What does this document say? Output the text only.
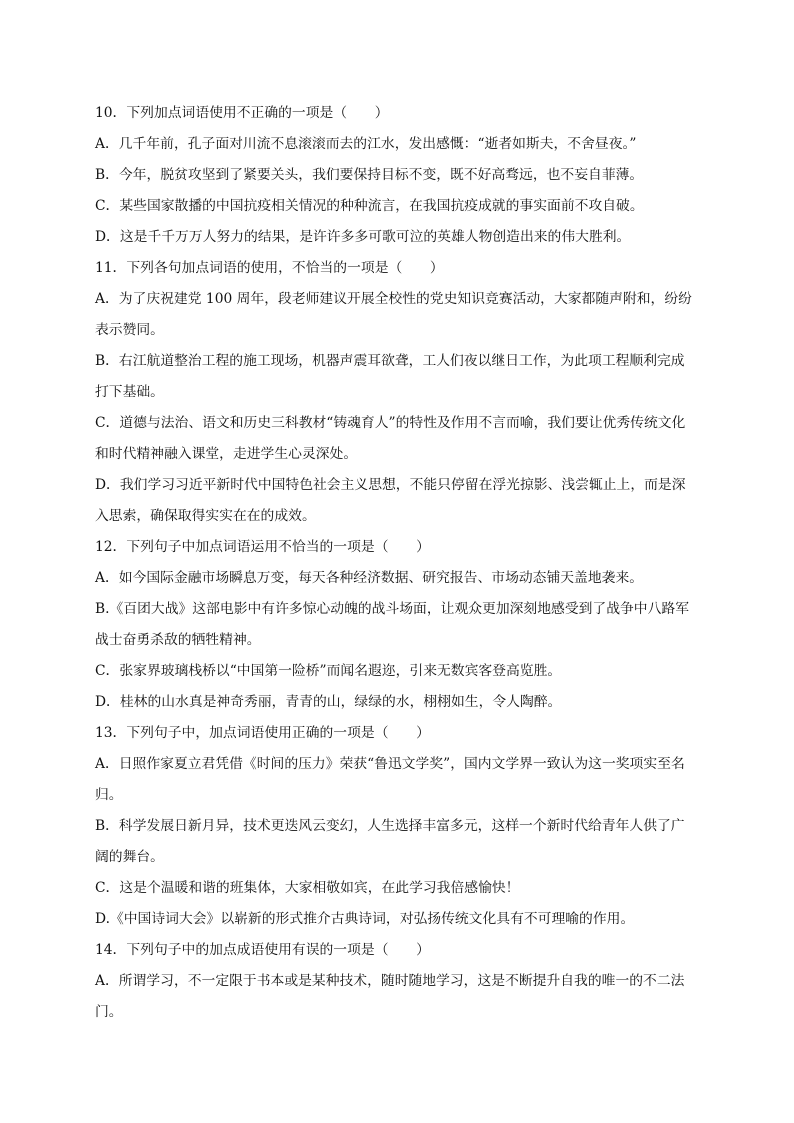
10．下列加点词语使用不正确的一项是（　　）
A．几千年前，孔子面对川流不息滚滚而去的江水，发出感慨：“逝者如斯夫，不舍昼夜。”
B．今年，脱贫攻坚到了紧要关头，我们要保持目标不变，既不好高骛远，也不妄自菲薄。
C．某些国家散播的中国抗疫相关情况的种种流言，在我国抗疫成就的事实面前不攻自破。
D．这是千千万万人努力的结果，是许许多多可歌可泣的英雄人物创造出来的伟大胜利。
11．下列各句加点词语的使用，不恰当的一项是（　　）
A．为了庆祝建党 100 周年，段老师建议开展全校性的党史知识竞赛活动，大家都随声附和，纷纷
表示赞同。
B．右江航道整治工程的施工现场，机器声震耳欲聋，工人们夜以继日工作，为此项工程顺利完成
打下基础。
C．道德与法治、语文和历史三科教材“铸魂育人”的特性及作用不言而喻，我们要让优秀传统文化
和时代精神融入课堂，走进学生心灵深处。
D．我们学习习近平新时代中国特色社会主义思想，不能只停留在浮光掠影、浅尝辄止上，而是深
入思索，确保取得实实在在的成效。
12．下列句子中加点词语运用不恰当的一项是（　　）
A．如今国际金融市场瞬息万变，每天各种经济数据、研究报告、市场动态铺天盖地袭来。
B.《百团大战》这部电影中有许多惊心动魄的战斗场面，让观众更加深刻地感受到了战争中八路军
战士奋勇杀敌的牺牲精神。
C．张家界玻璃栈桥以“中国第一险桥”而闻名遐迩，引来无数宾客登高览胜。
D．桂林的山水真是神奇秀丽，青青的山，绿绿的水，栩栩如生，令人陶醉。
13．下列句子中，加点词语使用正确的一项是（　　）
A．日照作家夏立君凭借《时间的压力》荣获“鲁迅文学奖”，国内文学界一致认为这一奖项实至名
归。
B．科学发展日新月异，技术更迭风云变幻，人生选择丰富多元，这样一个新时代给青年人供了广
阔的舞台。
C．这是个温暖和谐的班集体，大家相敬如宾，在此学习我倍感愉快！
D.《中国诗词大会》以崭新的形式推介古典诗词，对弘扬传统文化具有不可理喻的作用。
14．下列句子中的加点成语使用有误的一项是（　　）
A．所谓学习，不一定限于书本或是某种技术，随时随地学习，这是不断提升自我的唯一的不二法
门。
